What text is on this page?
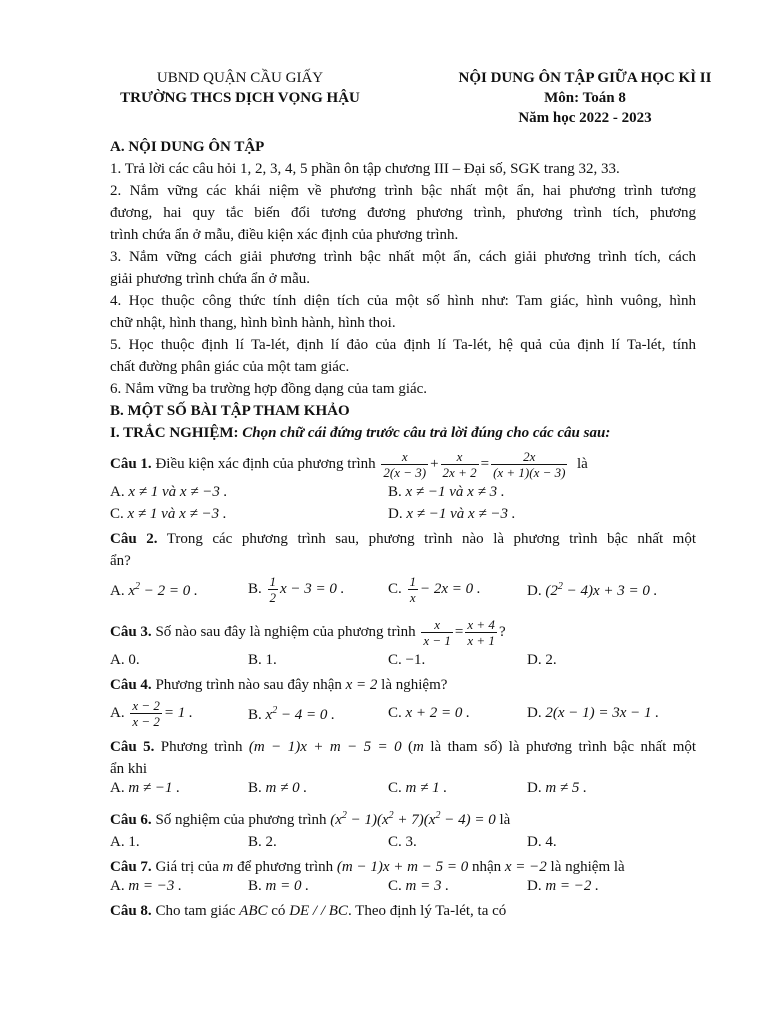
UBND QUẬN CẦU GIẤY
TRƯỜNG THCS DỊCH VỌNG HẬU
NỘI DUNG ÔN TẬP GIỮA HỌC KÌ II
Môn: Toán 8
Năm học 2022 - 2023

A. NỘI DUNG ÔN TẬP

1. Trả lời các câu hỏi 1, 2, 3, 4, 5 phần ôn tập chương III – Đại số, SGK trang 32, 33.

2. Nắm vững các khái niệm về phương trình bậc nhất một ẩn, hai phương trình tương

đương, hai quy tắc biến đổi tương đương phương trình, phương trình tích, phương

trình chứa ẩn ở mẫu, điều kiện xác định của phương trình.

3. Nắm vững cách giải phương trình bậc nhất một ẩn, cách giải phương trình tích, cách

giải phương trình chứa ẩn ở mẫu.

4. Học thuộc công thức tính diện tích của một số hình như: Tam giác, hình vuông, hình

chữ nhật, hình thang, hình bình hành, hình thoi.

5. Học thuộc định lí Ta-lét, định lí đảo của định lí Ta-lét, hệ quả của định lí Ta-lét, tính

chất đường phân giác của một tam giác.

6. Nắm vững ba trường hợp đồng dạng của tam giác.

B. MỘT SỐ BÀI TẬP THAM KHẢO

I. TRẮC NGHIỆM: Chọn chữ cái đứng trước câu trả lời đúng cho các câu sau:

Câu 1.
Điều kiện xác định của phương trình
$\frac{x}{2(x - 3)} + \frac{x}{2x + 2} = \frac{2x}{(x + 1)(x - 3)}$
là
A. x ≠ 1 và x ≠ −3 .	B. x ≠ −1 và x ≠ 3 .
C. x ≠ 1 và x ≠ −3 .	D. x ≠ −1 và x ≠ −3 .

Câu 2. Trong các phương trình sau, phương trình nào là phương trình bậc nhất một

ẩn?

A. $x^2 - 2 = 0$ .	B. $\frac{1}{2}$ x − 3 = 0 .	C. $\frac{1}{x} - 2x = 0$ .	D. $(2^2 - 4)x + 3 = 0$ .
Câu 3.
Số nào sau đây là nghiệm của phương trình
$\frac{x}{x - 1} = \frac{x + 4}{x + 1}$ ?
A. 0.	B. 1.	C. −1.	D. 2.

Câu 4. Phương trình nào sau đây nhận x = 2 là nghiệm?

A. $\frac{x - 2}{x - 2} = 1$ .	B. $x^2 - 4 = 0$ .	C. x + 2 = 0 .	D. 2(x − 1) = 3x − 1 .

Câu 5. Phương trình (m − 1)x + m − 5 = 0 (m là tham số) là phương trình bậc nhất một

ẩn khi

A. m ≠ −1 .	B. m ≠ 0 .	C. m ≠ 1 .	D. m ≠ 5 .

Câu 6. Số nghiệm của phương trình $(x^2 - 1)(x^2 + 7)(x^2 - 4) = 0$ là

A. 1.	B. 2.	C. 3.	D. 4.

Câu 7. Giá trị của m để phương trình (m − 1)x + m − 5 = 0 nhận x = −2 là nghiệm là

A. m = −3 .	B. m = 0 .	C. m = 3 .	D. m = −2 .

Câu 8. Cho tam giác ABC có DE / / BC. Theo định lý Ta-lét, ta có
